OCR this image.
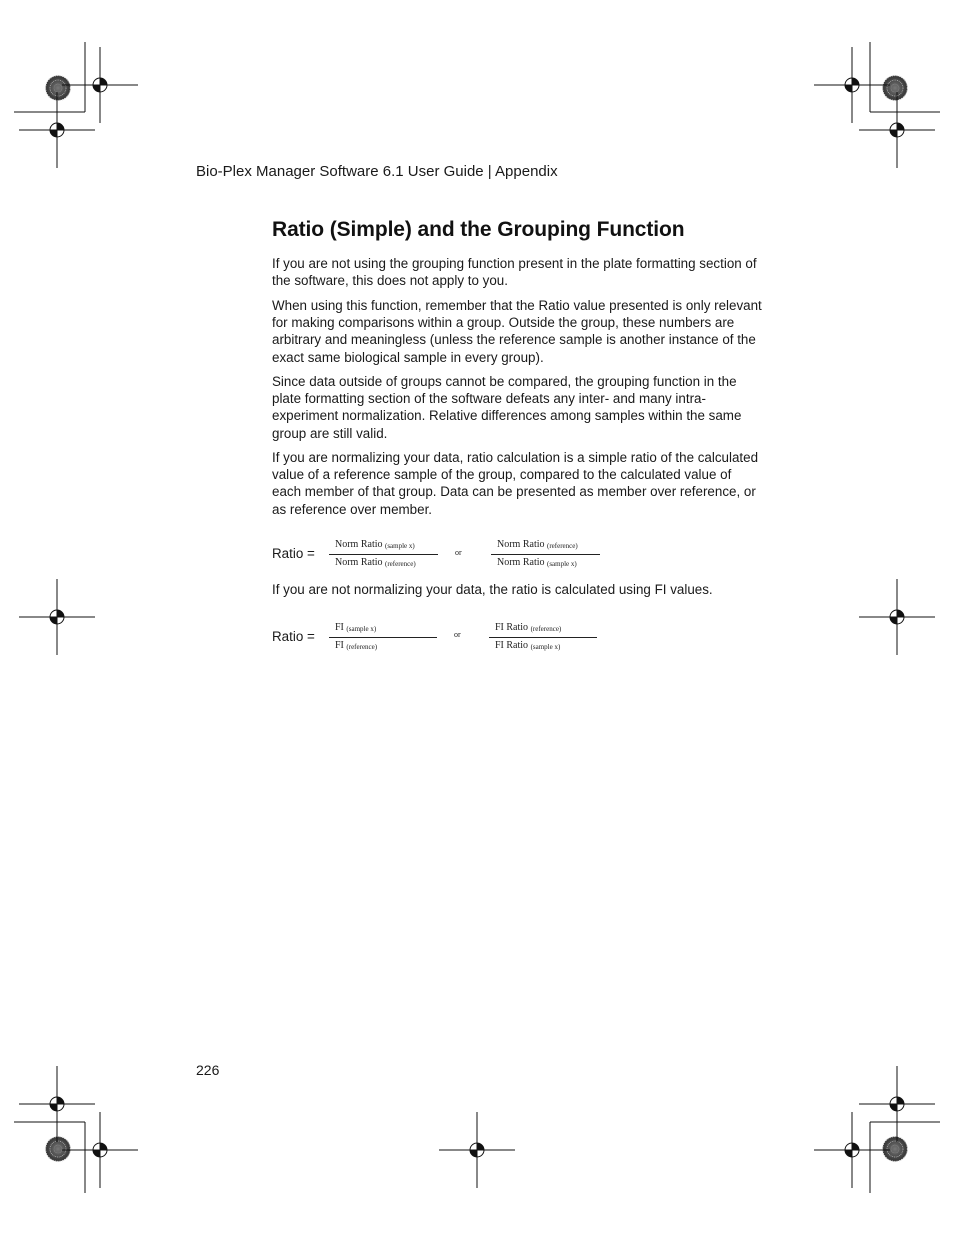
Bio-Plex Manager Software 6.1 User Guide | Appendix
Ratio (Simple) and the Grouping Function

If you are not using the grouping function present in the plate formatting section of the software, this does not apply to you.

When using this function, remember that the Ratio value presented is only relevant for making comparisons within a group. Outside the group, these numbers are arbitrary and meaningless (unless the reference sample is another instance of the exact same biological sample in every group).

Since data outside of groups cannot be compared, the grouping function in the plate formatting section of the software defeats any inter- and many intra-experiment normalization. Relative differences among samples within the same group are still valid.

If you are normalizing your data, ratio calculation is a simple ratio of the calculated value of a reference sample of the group, compared to the calculated value of each member of that group. Data can be presented as member over reference, or as reference over member.

Ratio =
Norm Ratio (sample x)
Norm Ratio (reference)
or
Norm Ratio (reference)
Norm Ratio (sample x)

If you are not normalizing your data, the ratio is calculated using FI values.

Ratio =
FI (sample x)
FI (reference)
or
FI Ratio (reference)
FI Ratio (sample x)
226
